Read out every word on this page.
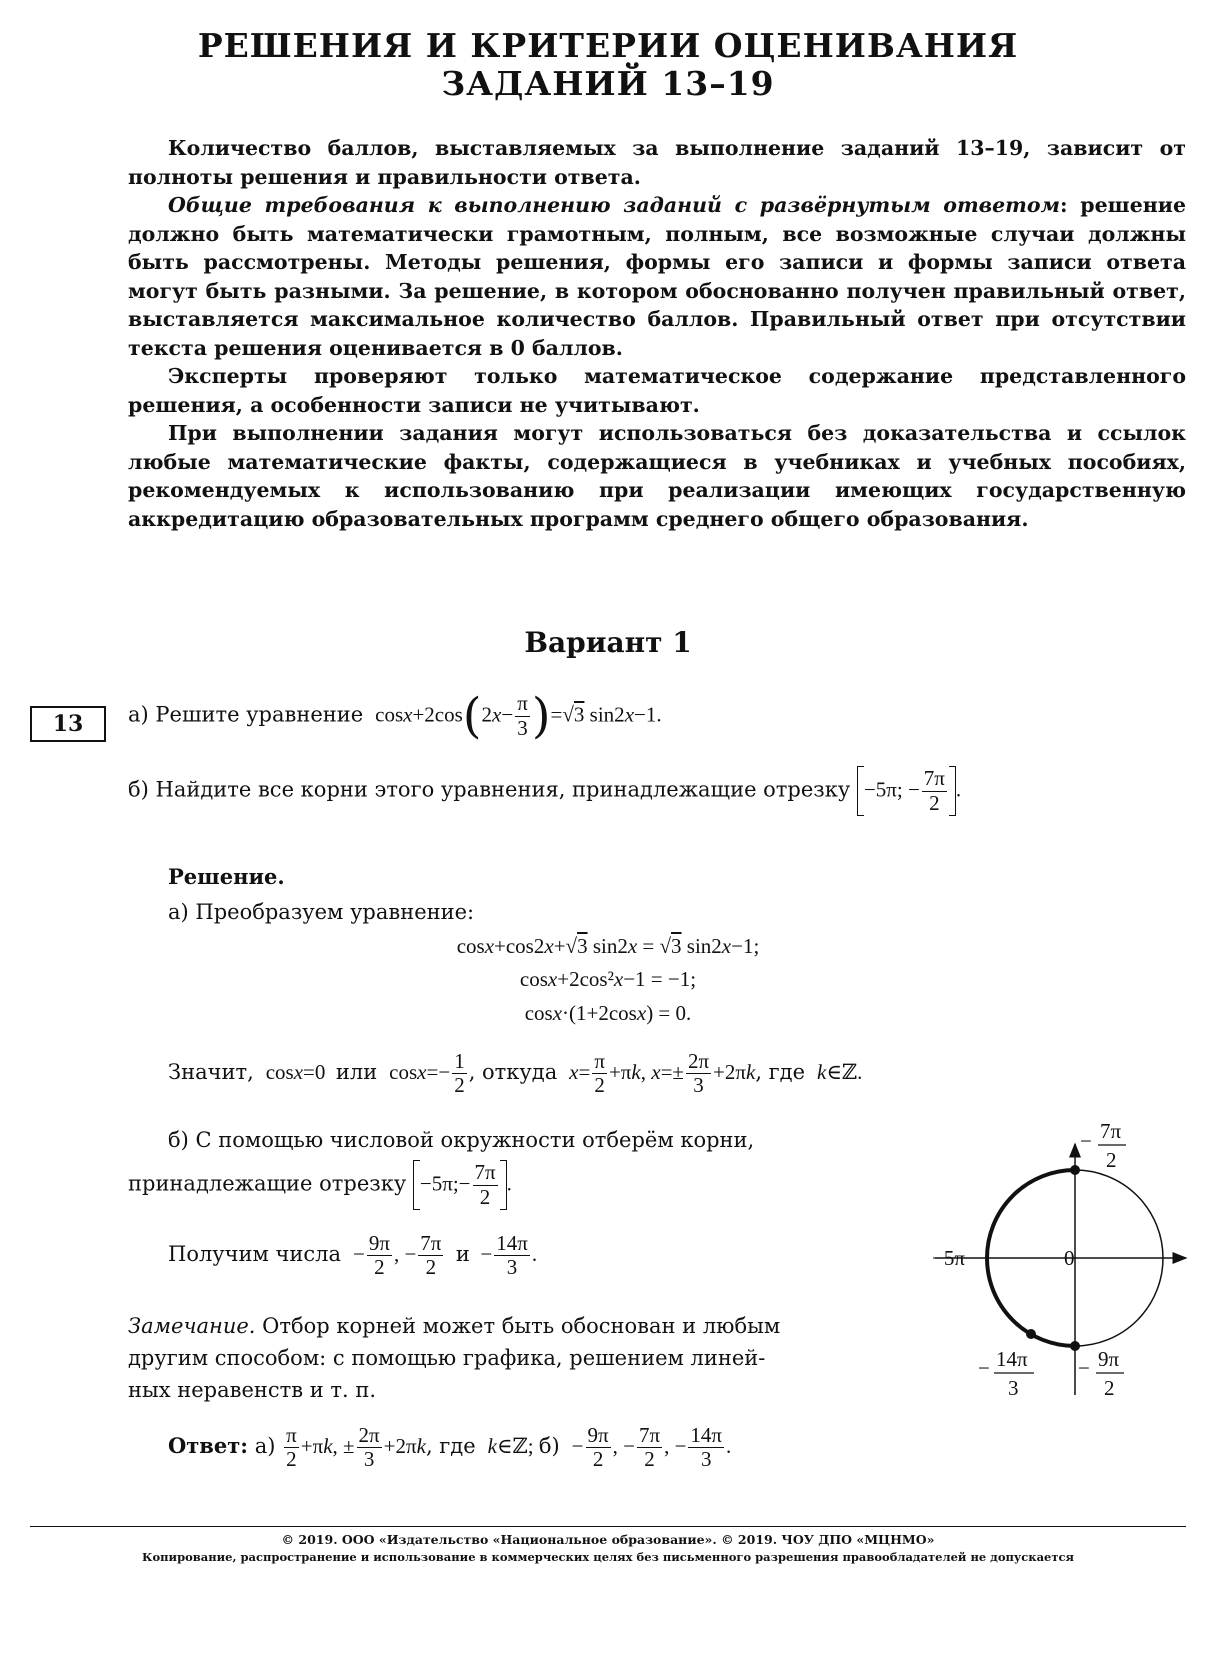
РЕШЕНИЯ И КРИТЕРИИ ОЦЕНИВАНИЯ
ЗАДАНИЙ 13–19

Количество баллов, выставляемых за выполнение заданий 13–19, зависит от полноты решения и правильности ответа.

Общие требования к выполнению заданий с развёрнутым ответом: решение должно быть математически грамотным, полным, все возможные случаи должны быть рассмотрены. Методы решения, формы его записи и формы записи ответа могут быть разными. За решение, в котором обоснованно получен правильный ответ, выставляется максимальное количество баллов. Правильный ответ при отсутствии текста решения оценивается в 0 баллов.

Эксперты проверяют только математическое содержание представленного решения, а особенности записи не учитывают.

При выполнении задания могут использоваться без доказательства и ссылок любые математические факты, содержащиеся в учебниках и учебных пособиях, рекомендуемых к использованию при реализации имеющих государственную аккредитацию образовательных программ среднего общего образования.

Вариант 1
13	а) Решите уравнение  $\cos x+2\cos(2x- \frac{\pi}{3} )=√3$ sin2x−1.
б) Найдите все корни этого уравнения, принадлежащие отрезку −5π; − $\frac{7\pi}{2}$ .
Решение.
а) Преобразуем уравнение:
cosx+cos2x+√3 sin2x = √3 sin2x−1;
cosx+2cos²x−1 = −1;
cosx·(1+2cosx) = 0.
Значит,  cosx=0  или  $\cos x=- \frac{1}{2}$ , откуда  $x= \frac{\pi}{2} +\pi k$, $x=\pm \frac{2\pi}{3} +2\pi k$, где  k∈ℤ.
б) С помощью числовой окружности отберём корни,
принадлежащие отрезку −5π;− $\frac{7\pi}{2}$ .
Получим числа  − $\frac{9\pi}{2}$ , − $\frac{7\pi}{2}$ $и - \frac{14\pi}{3}$ .
Замечание. Отбор корней может быть обоснован и любым
другим способом: с помощью графика, решением линей-
ных неравенств и т. п.
0
−5π
− 7π
2
− 14π
3
− 9π
2
Ответ: $а) \frac{\pi}{2} +\pi k$, ± $\frac{2\pi}{3} +2\pi k$, где  k∈ℤ; $б) - \frac{9\pi}{2}$ , − $\frac{7\pi}{2}$ , − $\frac{14\pi}{3}$ .
© 2019. ООО «Издательство «Национальное образование». © 2019. ЧОУ ДПО «МЦНМО»
Копирование, распространение и использование в коммерческих целях без письменного разрешения правообладателей не допускается
